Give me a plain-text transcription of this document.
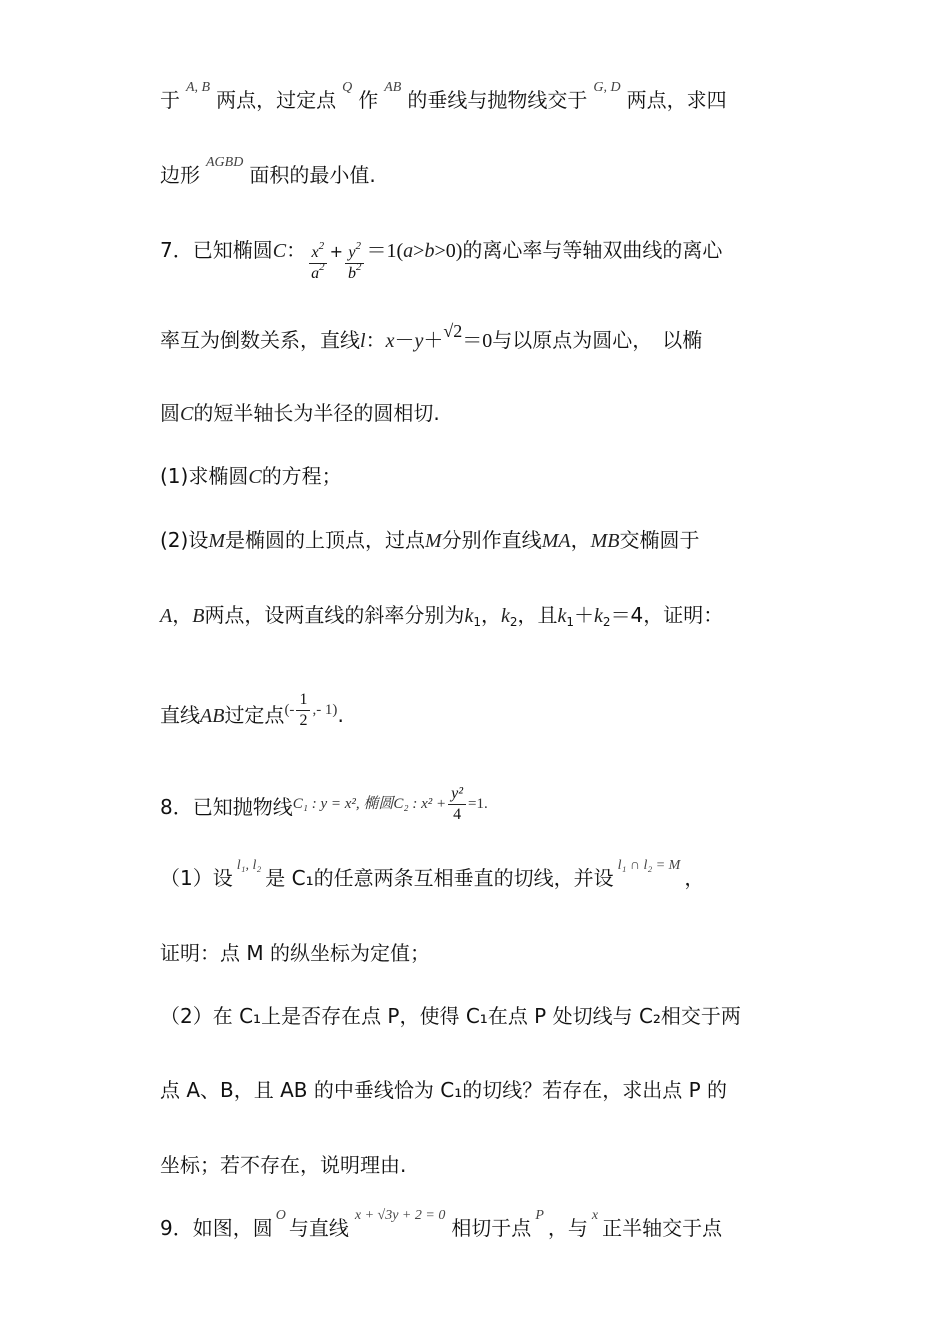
于
A, B
两点，过定点
Q
作
AB
的垂线与抛物线交于
G, D
两点，求四
边形
AGBD
面积的最小值.
7．已知椭圆 C ： $\frac{x^2}{a^2} + \frac{y^2}{b^2} =1$( a > b >0) 的离心率与等轴双曲线的离心
率互为倒数关系，直线 l ： x － y ＋ √2 ＝0 与以原点为圆心，　以椭
圆 C 的短半轴长为半径的圆相切.
(1)求椭圆 C 的方程；
(2)设 M 是椭圆的上顶点，过点 M 分别作直线 MA ， MB 交椭圆于
A ， B 两点，设两直线的斜率分别为 k 1 ， k 2 ，且 k 1 ＋ k 2 ＝4，证明：
直线 AB 过定点 (- $\frac{1}{2}$ ,- 1) .
8．已知抛物线 C₁ : y = x², 椭圆C₂ : $x^2 + \frac{\text{y²}}{4} =1$.
（1）设
l₁, l₂
是 C₁的任意两条互相垂直的切线，并设
l₁ ∩ l₂ = M
，
证明：点 M 的纵坐标为定值；
（2）在 C₁上是否存在点 P，使得 C₁在点 P 处切线与 C₂相交于两
点 A、B，且 AB 的中垂线恰为 C₁的切线？若存在，求出点 P 的
坐标；若不存在，说明理由.
9．如图，圆
O
与直线
x + √3y + 2 = 0
相切于点
P
，与
x
正半轴交于点
